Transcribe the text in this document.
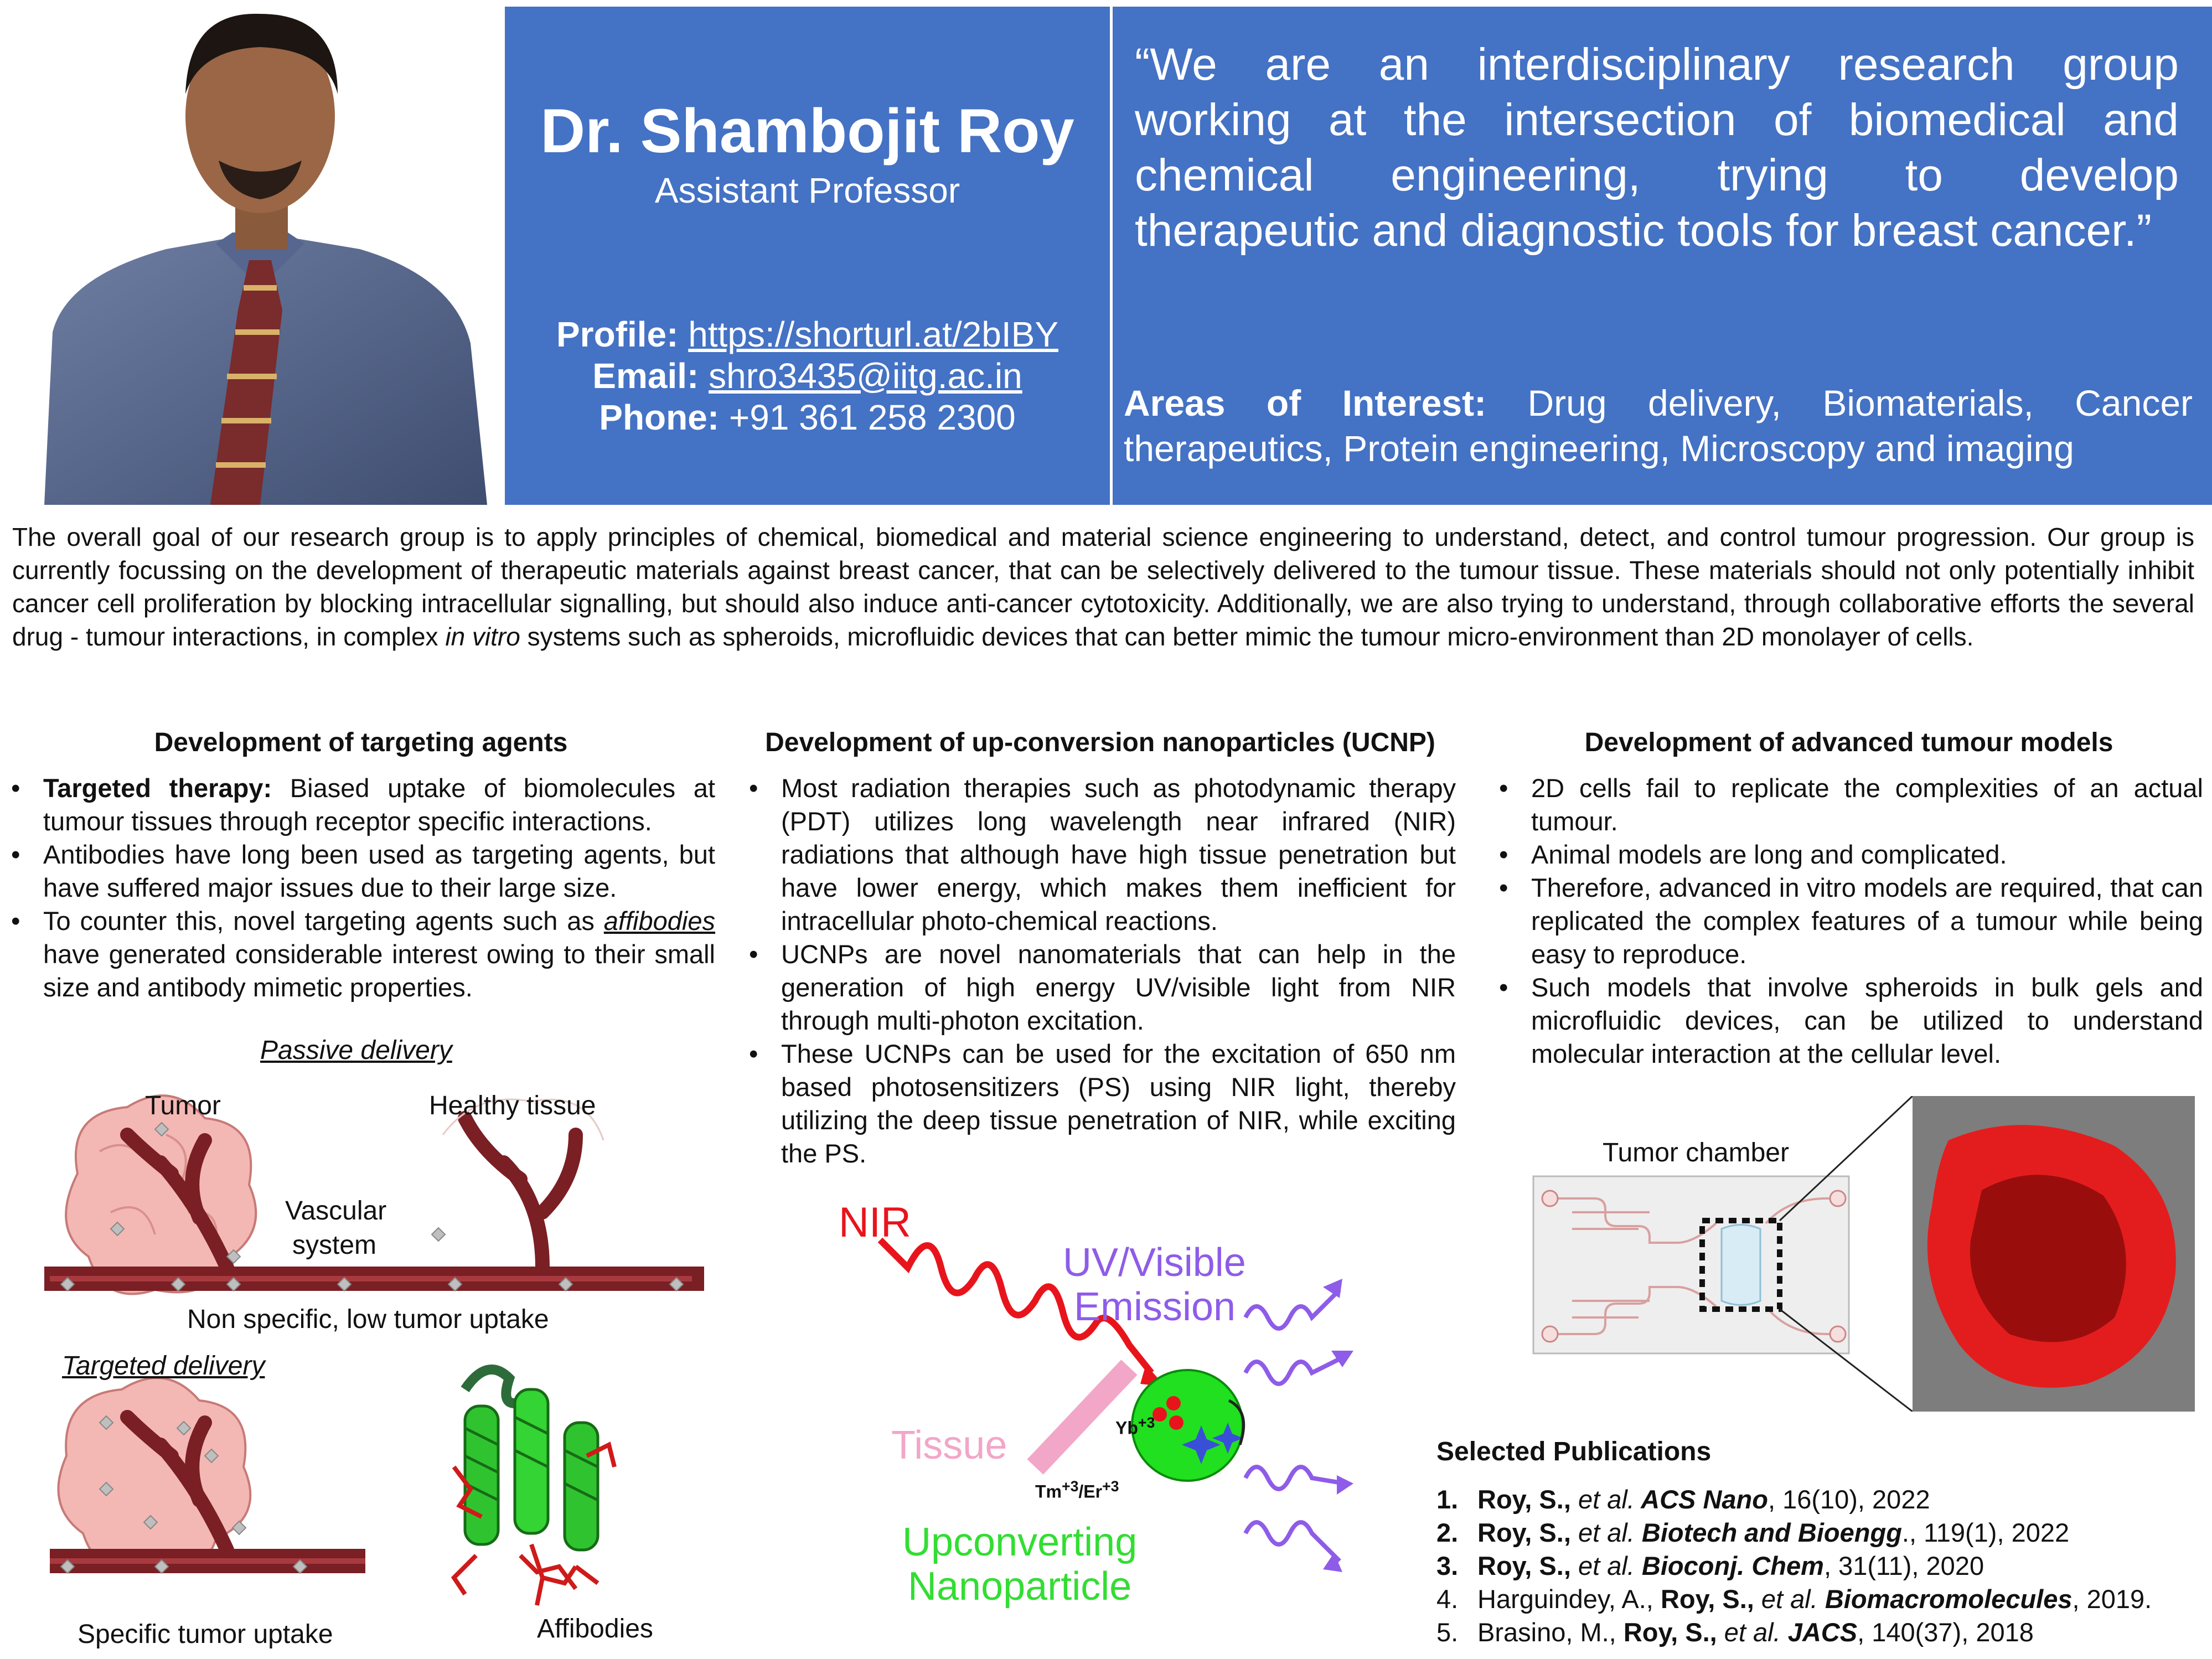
Dr. Shambojit Roy
Assistant Professor
Profile: https://shorturl.at/2bIBY
Email: shro3435@iitg.ac.in
Phone: +91 361 258 2300
“We are an interdisciplinary research group
working at the intersection of biomedical and
chemical engineering, trying to develop
therapeutic and diagnostic tools for breast cancer.”
Areas of Interest: Drug delivery, Biomaterials, Cancer therapeutics, Protein engineering, Microscopy and imaging
The overall goal of our research group is to apply principles of chemical, biomedical and material science engineering to understand, detect, and control tumour progression. Our group is currently focussing on the development of therapeutic materials against breast cancer, that can be selectively delivered to the tumour tissue. These materials should not only potentially inhibit cancer cell proliferation by blocking intracellular signalling, but should also induce anti-cancer cytotoxicity. Additionally, we are also trying to understand, through collaborative efforts the several drug - tumour interactions, in complex in vitro systems such as spheroids, microfluidic devices that can better mimic the tumour micro-environment than 2D monolayer of cells.
Development of targeting agents
• Targeted therapy: Biased uptake of biomolecules at tumour tissues through receptor specific interactions.
• Antibodies have long been used as targeting agents, but have suffered major issues due to their large size.
• To counter this, novel targeting agents such as affibodies have generated considerable interest owing to their small size and antibody mimetic properties.
Passive delivery
Tumor	Healthy tissue
Vascular
system
Non specific, low tumor uptake
Targeted delivery
Specific tumor uptake	Affibodies
Development of up-conversion nanoparticles (UCNP)
• Most radiation therapies such as photodynamic therapy (PDT) utilizes long wavelength near infrared (NIR) radiations that although have high tissue penetration but have lower energy, which makes them inefficient for intracellular photo-chemical reactions.
• UCNPs are novel nanomaterials that can help in the generation of high energy UV/visible light from NIR through multi-photon excitation.
• These UCNPs can be used for the excitation of 650 nm based photosensitizers (PS) using NIR light, thereby utilizing the deep tissue penetration of NIR, while exciting the PS.
NIR
UV/Visible
Emission
Tissue	$Yb^{+3}$
$Tm^{+3}/Er^{+3}$
Upconverting
Nanoparticle
Development of advanced tumour models
• 2D cells fail to replicate the complexities of an actual tumour.
• Animal models are long and complicated.
• Therefore, advanced in vitro models are required, that can replicated the complex features of a tumour while being easy to reproduce.
• Such models that involve spheroids in bulk gels and microfluidic devices, can be utilized to understand molecular interaction at the cellular level.
Tumor chamber
Selected Publications
1. Roy, S., et al. ACS Nano, 16(10), 2022
2. Roy, S., et al. Biotech and Bioengg., 119(1), 2022
3. Roy, S., et al. Bioconj. Chem, 31(11), 2020
4. Harguindey, A., Roy, S., et al. Biomacromolecules, 2019.
5. Brasino, M., Roy, S., et al. JACS, 140(37), 2018
